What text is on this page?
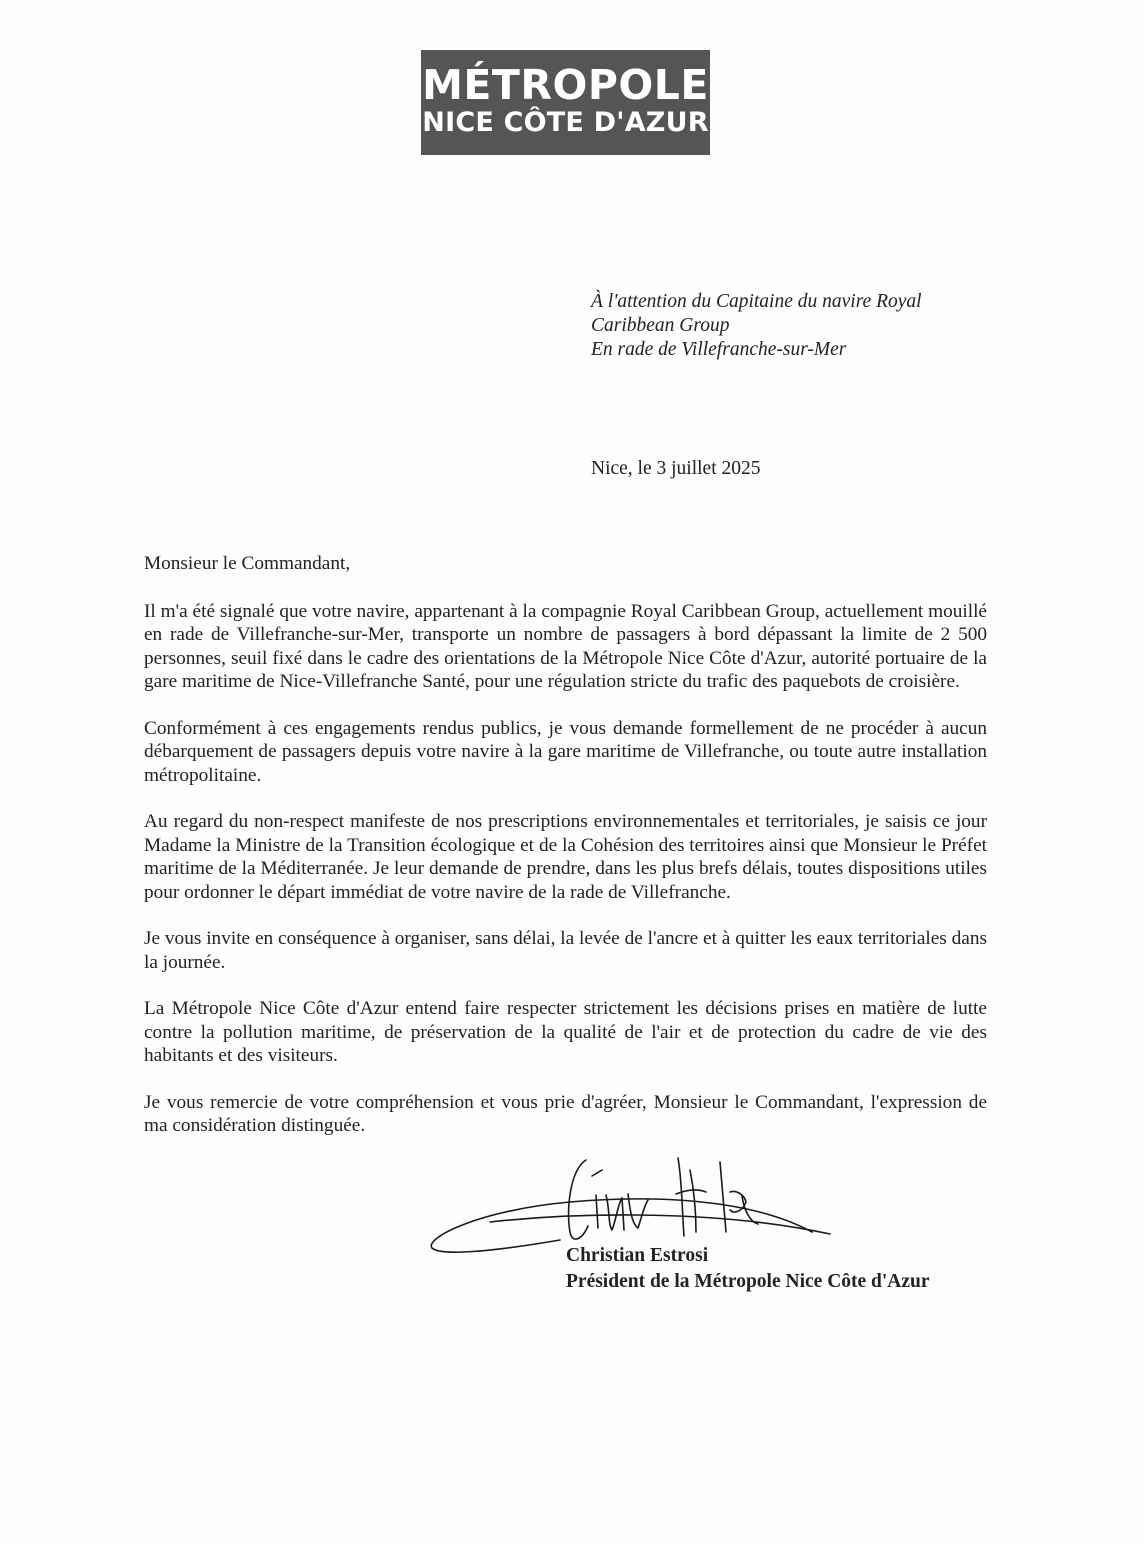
MÉTROPOLE
NICE CÔTE D'AZUR
À l'attention du Capitaine du navire Royal
Caribbean Group
En rade de Villefranche-sur-Mer
Nice, le 3 juillet 2025

Monsieur le Commandant,

Il m'a été signalé que votre navire, appartenant à la compagnie Royal Caribbean Group, actuellement mouillé en rade de Villefranche-sur-Mer, transporte un nombre de passagers à bord dépassant la limite de 2 500 personnes, seuil fixé dans le cadre des orientations de la Métropole Nice Côte d'Azur, autorité portuaire de la gare maritime de Nice-Villefranche Santé, pour une régulation stricte du trafic des paquebots de croisière.

Conformément à ces engagements rendus publics, je vous demande formellement de ne procéder à aucun débarquement de passagers depuis votre navire à la gare maritime de Villefranche, ou toute autre installation métropolitaine.

Au regard du non-respect manifeste de nos prescriptions environnementales et territoriales, je saisis ce jour Madame la Ministre de la Transition écologique et de la Cohésion des territoires ainsi que Monsieur le Préfet maritime de la Méditerranée. Je leur demande de prendre, dans les plus brefs délais, toutes dispositions utiles pour ordonner le départ immédiat de votre navire de la rade de Villefranche.

Je vous invite en conséquence à organiser, sans délai, la levée de l'ancre et à quitter les eaux territoriales dans la journée.

La Métropole Nice Côte d'Azur entend faire respecter strictement les décisions prises en matière de lutte contre la pollution maritime, de préservation de la qualité de l'air et de protection du cadre de vie des habitants et des visiteurs.

Je vous remercie de votre compréhension et vous prie d'agréer, Monsieur le Commandant, l'expression de ma considération distinguée.

Christian Estrosi
Président de la Métropole Nice Côte d'Azur
